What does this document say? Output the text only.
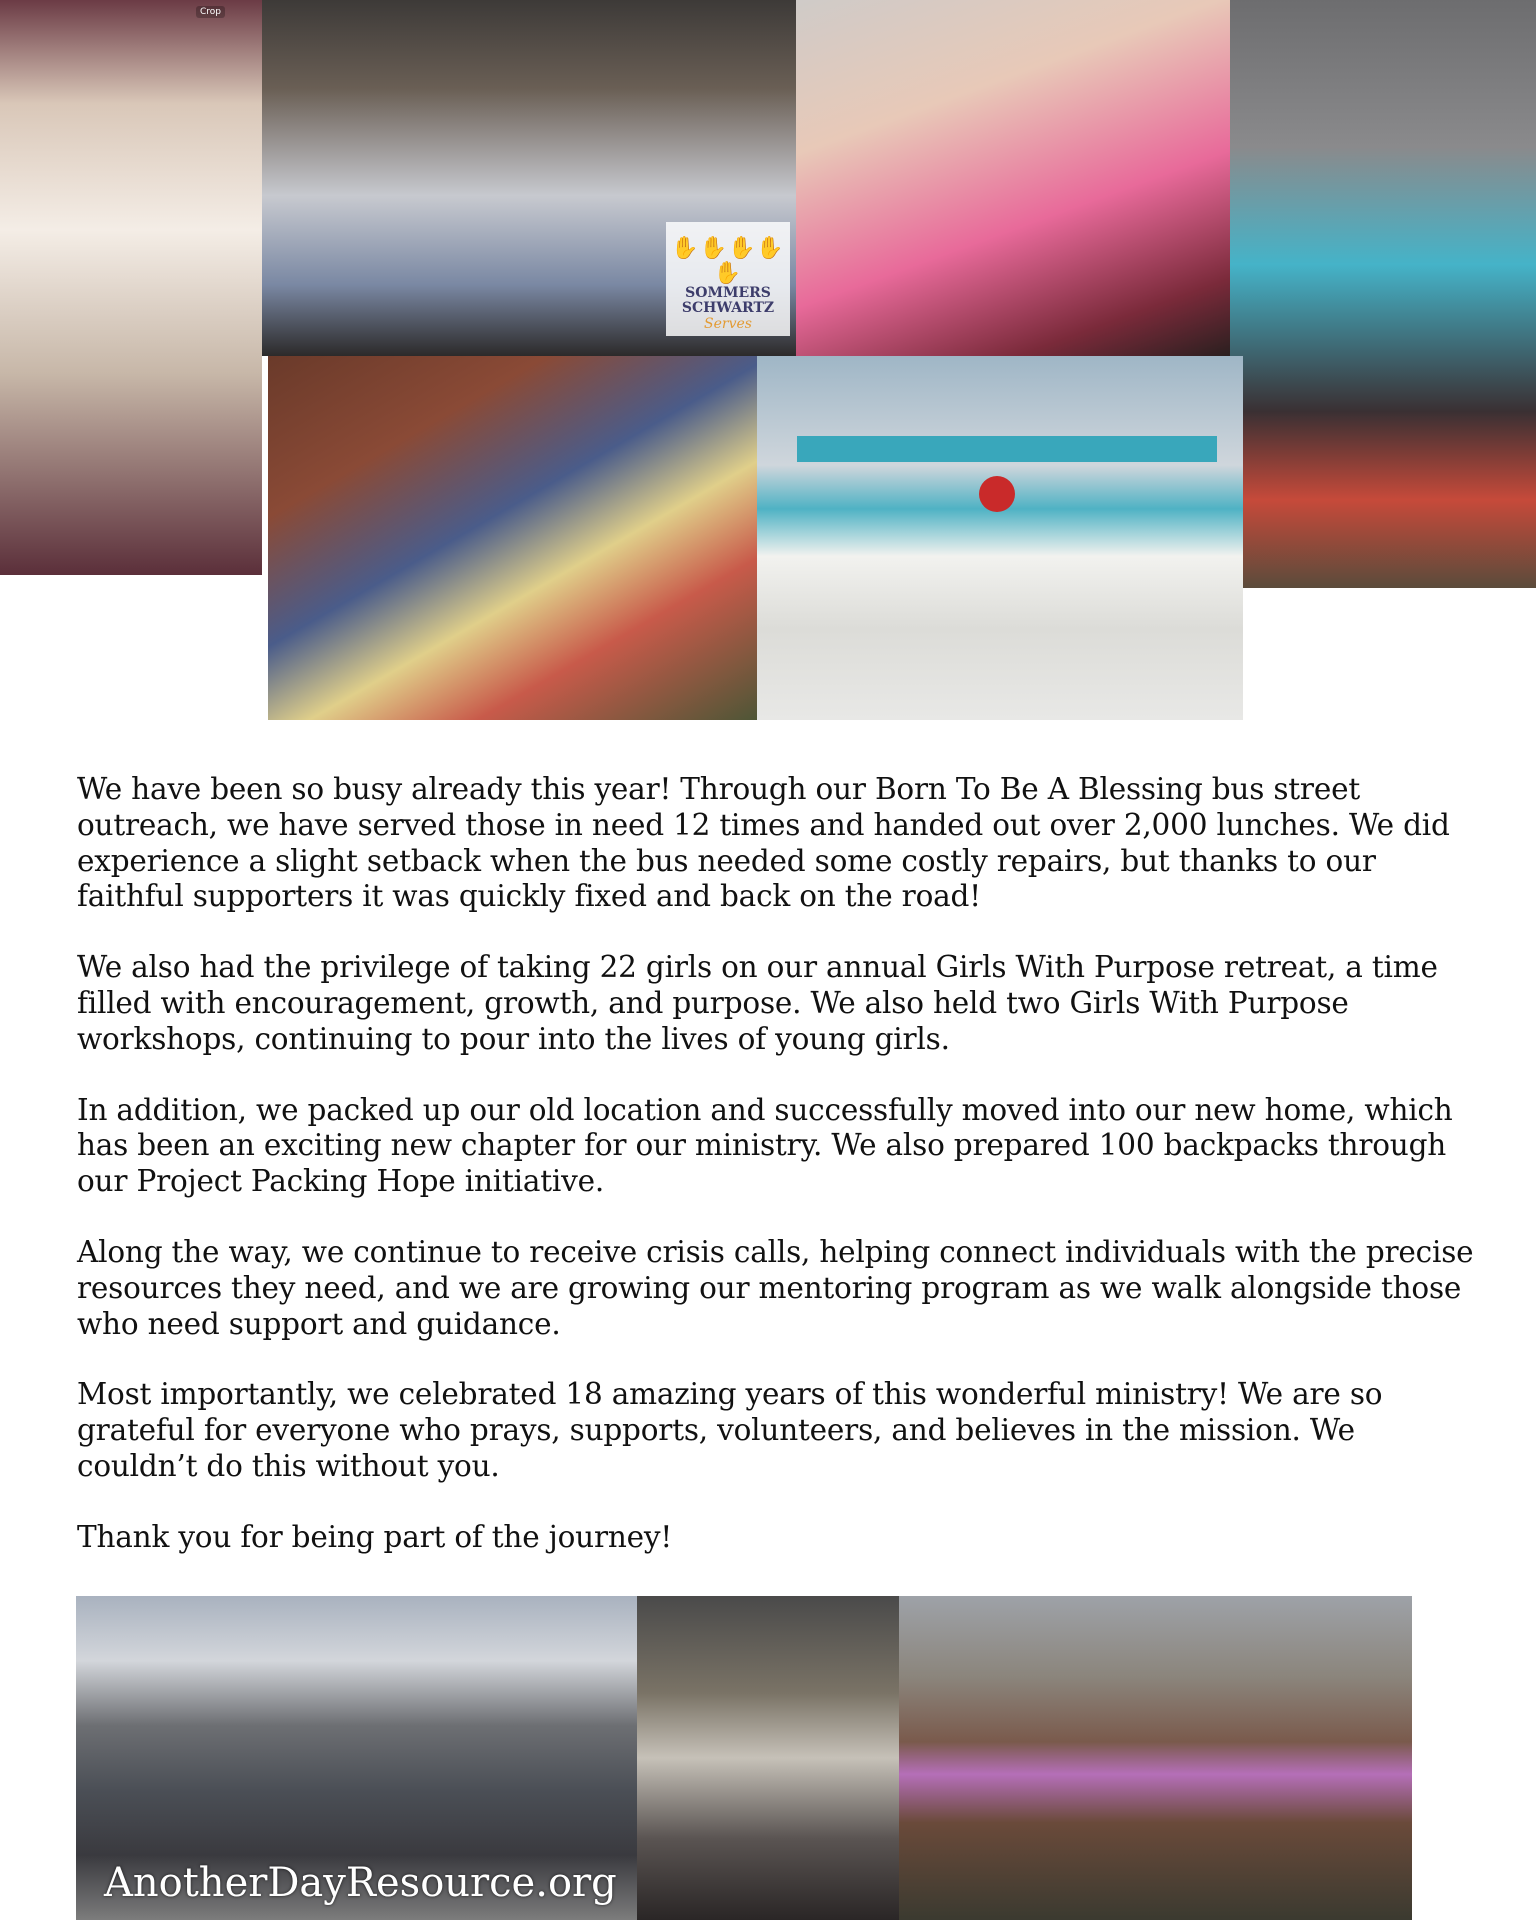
Crop
✋✋✋✋✋
SOMMERS
SCHWARTZ
Serves

We have been so busy already this year! Through our Born To Be A Blessing bus street outreach, we have served those in need 12 times and handed out over 2,000 lunches. We did experience a slight setback when the bus needed some costly repairs, but thanks to our faithful supporters it was quickly fixed and back on the road!

We also had the privilege of taking 22 girls on our annual Girls With Purpose retreat, a time filled with encouragement, growth, and purpose. We also held two Girls With Purpose workshops, continuing to pour into the lives of young girls.

In addition, we packed up our old location and successfully moved into our new home, which has been an exciting new chapter for our ministry. We also prepared 100 backpacks through our Project Packing Hope initiative.

Along the way, we continue to receive crisis calls, helping connect individuals with the precise resources they need, and we are growing our mentoring program as we walk alongside those who need support and guidance.

Most importantly, we celebrated 18 amazing years of this wonderful ministry! We are so grateful for everyone who prays, supports, volunteers, and believes in the mission. We couldn’t do this without you.

Thank you for being part of the journey!

AnotherDayResource.org
